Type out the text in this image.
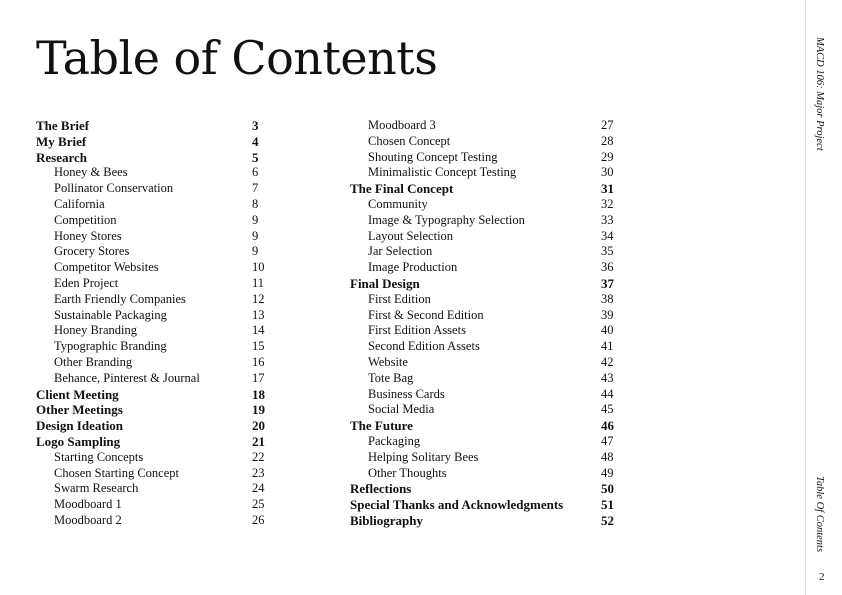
Table of Contents
The Brief	3
My Brief	4
Research	5
Honey & Bees	6
Pollinator Conservation	7
California	8
Competition	9
Honey Stores	9
Grocery Stores	9
Competitor Websites	10
Eden Project	11
Earth Friendly Companies	12
Sustainable Packaging	13
Honey Branding	14
Typographic Branding	15
Other Branding	16
Behance, Pinterest & Journal	17
Client Meeting	18
Other Meetings	19
Design Ideation	20
Logo Sampling	21
Starting Concepts	22
Chosen Starting Concept	23
Swarm Research	24
Moodboard 1	25
Moodboard 2	26
Moodboard 3	27
Chosen Concept	28
Shouting Concept Testing	29
Minimalistic Concept Testing	30
The Final Concept	31
Community	32
Image & Typography Selection	33
Layout Selection	34
Jar Selection	35
Image Production	36
Final Design	37
First Edition	38
First & Second Edition	39
First Edition Assets	40
Second Edition Assets	41
Website	42
Tote Bag	43
Business Cards	44
Social Media	45
The Future	46
Packaging	47
Helping Solitary Bees	48
Other Thoughts	49
Reflections	50
Special Thanks and Acknowledgments	51
Bibliography	52
MACD 106: Major Project
Table Of Contents
2
